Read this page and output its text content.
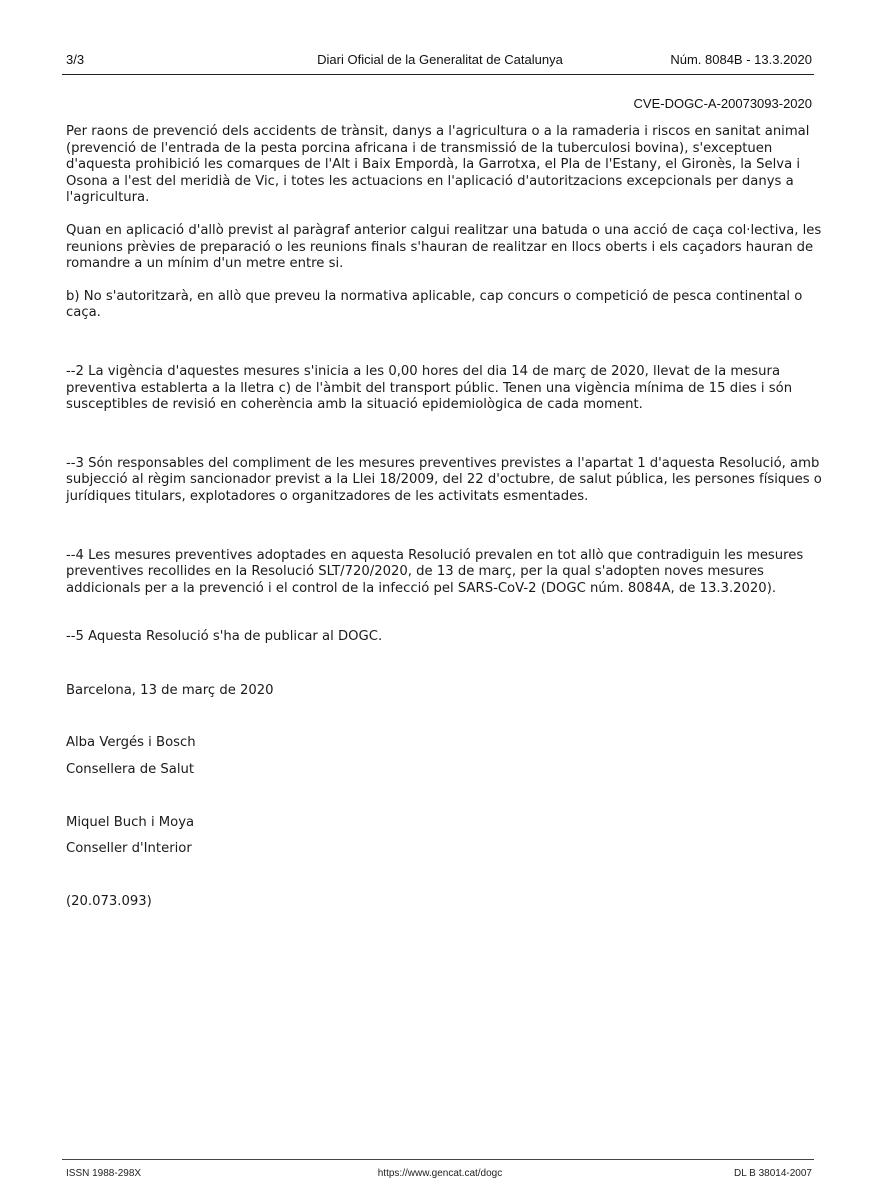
3/3	Diari Oficial de la Generalitat de Catalunya	Núm. 8084B - 13.3.2020
CVE-DOGC-A-20073093-2020

Per raons de prevenció dels accidents de trànsit, danys a l'agricultura o a la ramaderia i riscos en sanitat animal (prevenció de l'entrada de la pesta porcina africana i de transmissió de la tuberculosi bovina), s'exceptuen d'aquesta prohibició les comarques de l'Alt i Baix Empordà, la Garrotxa, el Pla de l'Estany, el Gironès, la Selva i Osona a l'est del meridià de Vic, i totes les actuacions en l'aplicació d'autoritzacions excepcionals per danys a l'agricultura.

Quan en aplicació d'allò previst al paràgraf anterior calgui realitzar una batuda o una acció de caça col·lectiva, les reunions prèvies de preparació o les reunions finals s'hauran de realitzar en llocs oberts i els caçadors hauran de romandre a un mínim d'un metre entre si.

b) No s'autoritzarà, en allò que preveu la normativa aplicable, cap concurs o competició de pesca continental o caça.

--2 La vigència d'aquestes mesures s'inicia a les 0,00 hores del dia 14 de març de 2020, llevat de la mesura preventiva establerta a la lletra c) de l'àmbit del transport públic. Tenen una vigència mínima de 15 dies i són susceptibles de revisió en coherència amb la situació epidemiològica de cada moment.

--3 Són responsables del compliment de les mesures preventives previstes a l'apartat 1 d'aquesta Resolució, amb subjecció al règim sancionador previst a la Llei 18/2009, del 22 d'octubre, de salut pública, les persones físiques o jurídiques titulars, explotadores o organitzadores de les activitats esmentades.

--4 Les mesures preventives adoptades en aquesta Resolució prevalen en tot allò que contradiguin les mesures preventives recollides en la Resolució SLT/720/2020, de 13 de març, per la qual s'adopten noves mesures addicionals per a la prevenció i el control de la infecció pel SARS-CoV-2 (DOGC núm. 8084A, de 13.3.2020).

--5 Aquesta Resolució s'ha de publicar al DOGC.

Barcelona, 13 de març de 2020

Alba Vergés i Bosch

Consellera de Salut

Miquel Buch i Moya

Conseller d'Interior

(20.073.093)

ISSN 1988-298X	https://www.gencat.cat/dogc	DL B 38014-2007
